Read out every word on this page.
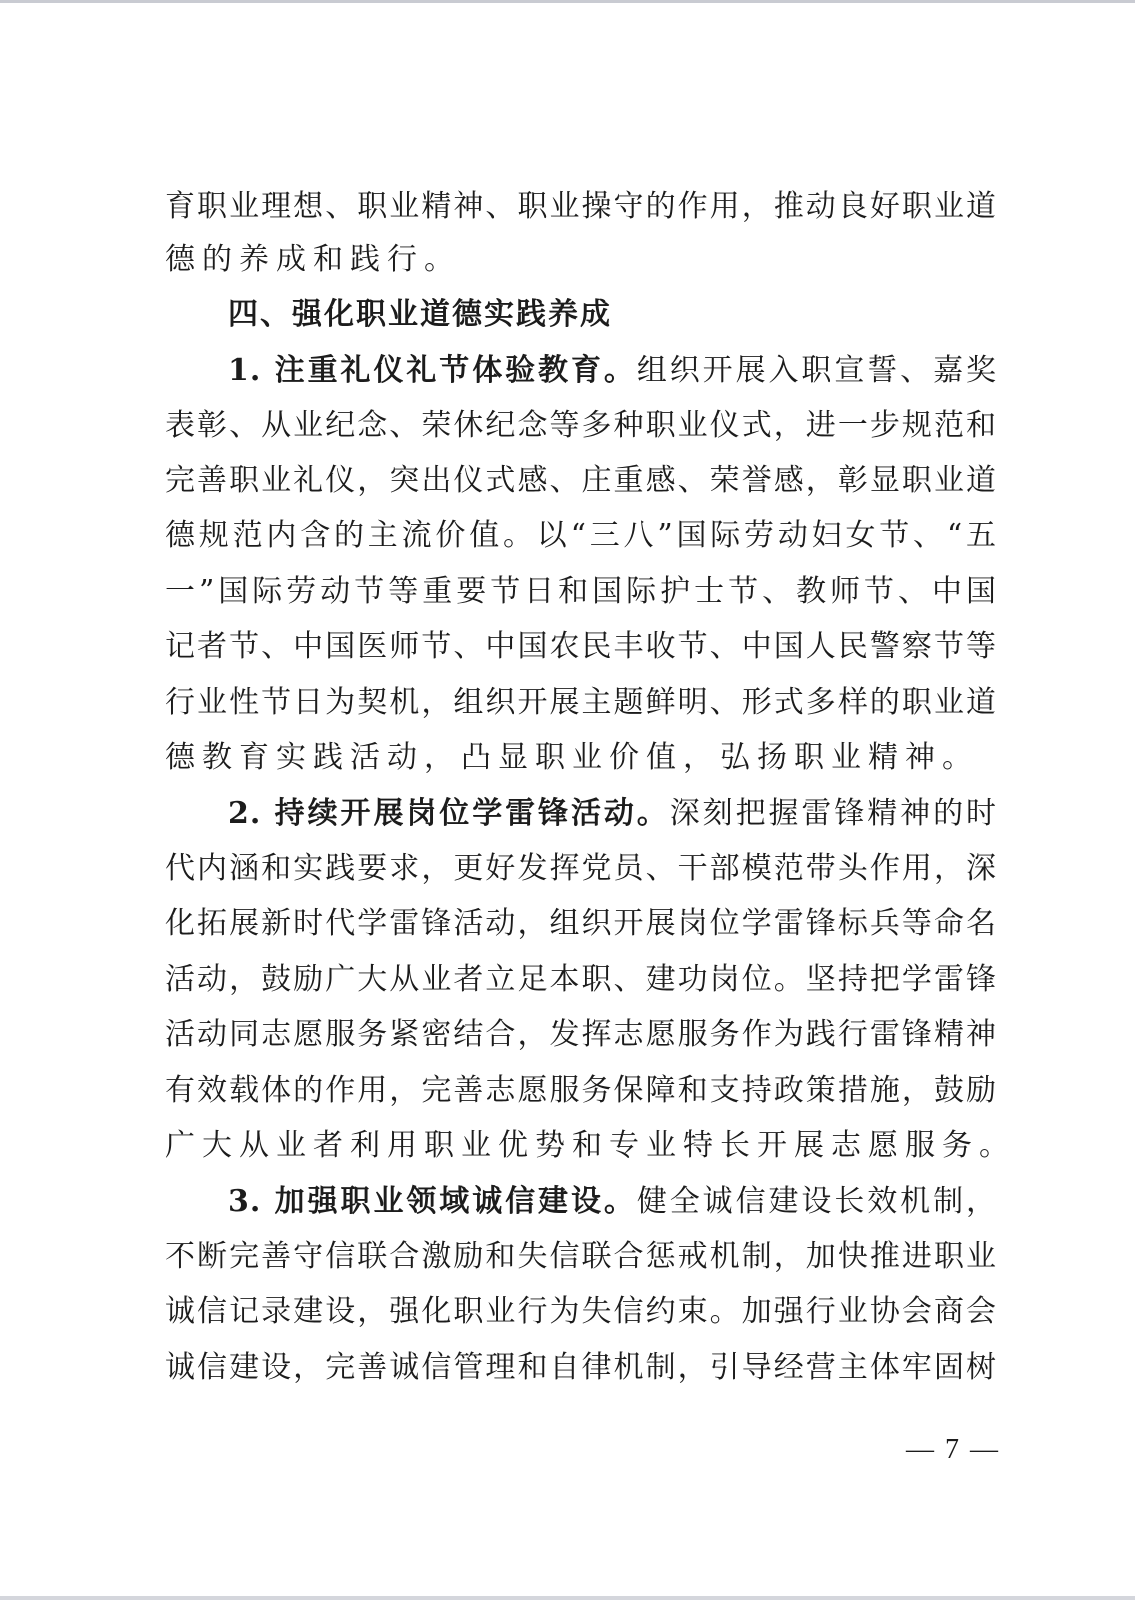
育职业理想、职业精神、职业操守的作用，推动良好职业道
德的养成和践行。
四、强化职业道德实践养成
1. 注重礼仪礼节体验教育。组织开展入职宣誓、嘉奖
表彰、从业纪念、荣休纪念等多种职业仪式，进一步规范和
完善职业礼仪，突出仪式感、庄重感、荣誉感，彰显职业道
德规范内含的主流价值。以“三八”国际劳动妇女节、“五
一”国际劳动节等重要节日和国际护士节、教师节、中国
记者节、中国医师节、中国农民丰收节、中国人民警察节等
行业性节日为契机，组织开展主题鲜明、形式多样的职业道
德教育实践活动，凸显职业价值，弘扬职业精神。
2. 持续开展岗位学雷锋活动。深刻把握雷锋精神的时
代内涵和实践要求，更好发挥党员、干部模范带头作用，深
化拓展新时代学雷锋活动，组织开展岗位学雷锋标兵等命名
活动，鼓励广大从业者立足本职、建功岗位。坚持把学雷锋
活动同志愿服务紧密结合，发挥志愿服务作为践行雷锋精神
有效载体的作用，完善志愿服务保障和支持政策措施，鼓励
广大从业者利用职业优势和专业特长开展志愿服务。
3. 加强职业领域诚信建设。健全诚信建设长效机制，
不断完善守信联合激励和失信联合惩戒机制，加快推进职业
诚信记录建设，强化职业行为失信约束。加强行业协会商会
诚信建设，完善诚信管理和自律机制，引导经营主体牢固树
— 7 —
